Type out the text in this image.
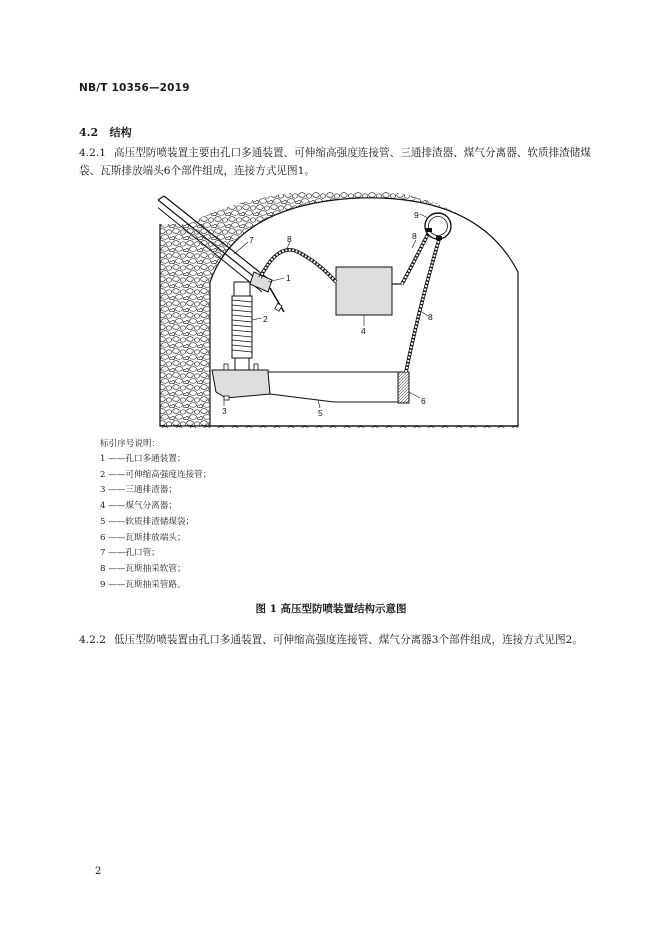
NB/T 10356—2019
4.2 结构
4.2.1 高压型防喷装置主要由孔口多通装置、可伸缩高强度连接管、三通排渣器、煤气分离器、软质排渣储煤袋、瓦斯排放端头6个部件组成，连接方式见图1。
1
2
3
4
5
6
7	8	8
8
9
标引序号说明：
1 ——孔口多通装置；
2 ——可伸缩高强度连接管；
3 ——三通排渣器；
4 ——煤气分离器；
5 ——软质排渣储煤袋；
6 ——瓦斯排放端头；
7 ——孔口管；
8 ——瓦斯抽采软管；
9 ——瓦斯抽采管路。
图 1 高压型防喷装置结构示意图
4.2.2 低压型防喷装置由孔口多通装置、可伸缩高强度连接管、煤气分离器3个部件组成，连接方式见图2。
2
